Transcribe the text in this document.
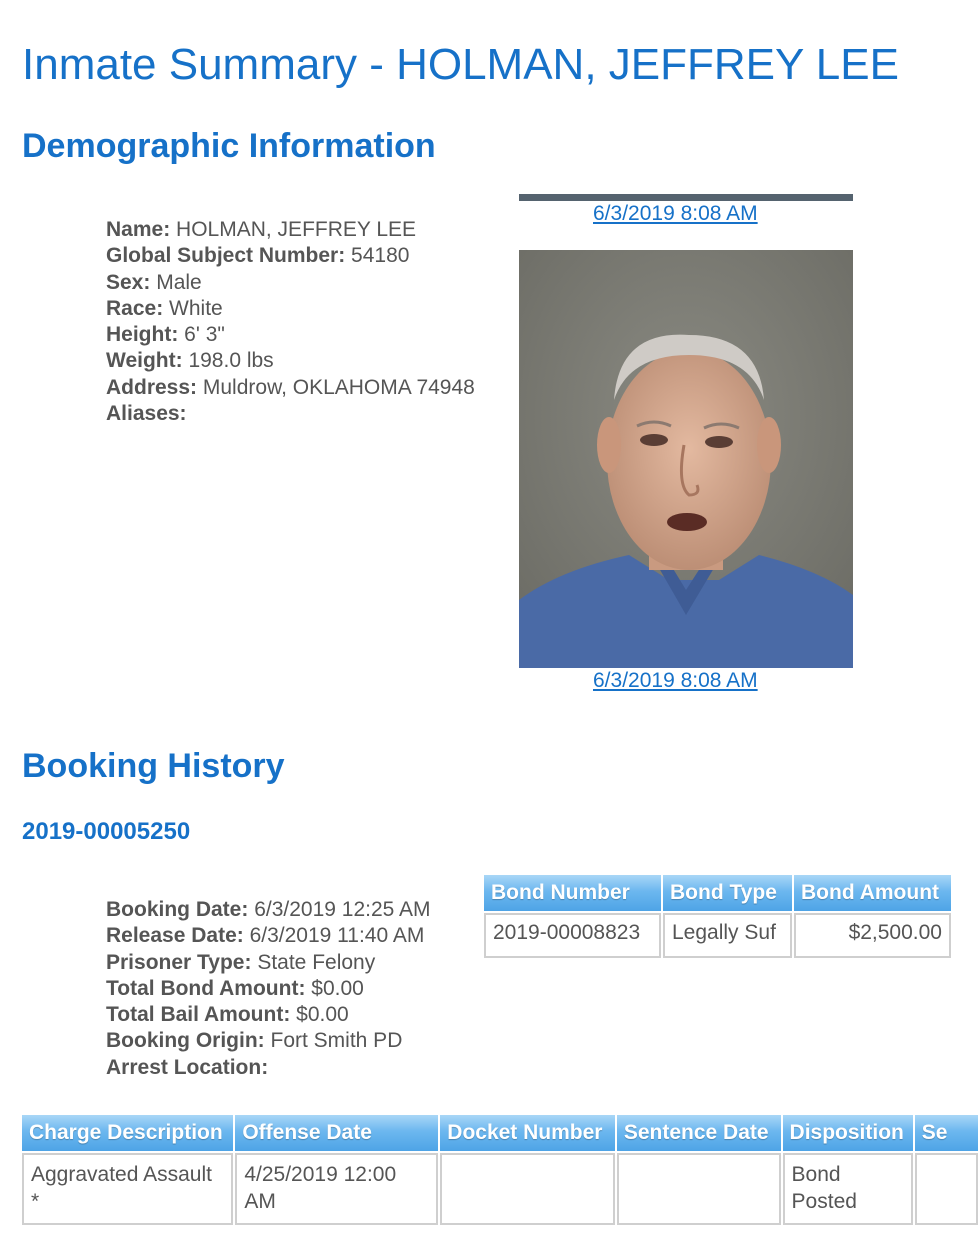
Inmate Summary - HOLMAN, JEFFREY LEE
Demographic Information
Name: HOLMAN, JEFFREY LEE
Global Subject Number: 54180
Sex: Male
Race: White
Height: 6' 3"
Weight: 198.0 lbs
Address: Muldrow, OKLAHOMA 74948
Aliases:
6/3/2019 8:08 AM
6/3/2019 8:08 AM
Booking History
2019-00005250
Booking Date: 6/3/2019 12:25 AM
Release Date: 6/3/2019 11:40 AM
Prisoner Type: State Felony
Total Bond Amount: $0.00
Total Bail Amount: $0.00
Booking Origin: Fort Smith PD
Arrest Location:
Bond Number	Bond Type	Bond Amount
2019-00008823	Legally Suf	$2,500.00
Charge Description	Offense Date	Docket Number	Sentence Date	Disposition	Se
Aggravated Assault *	4/25/2019 12:00 AM			Bond Posted	
